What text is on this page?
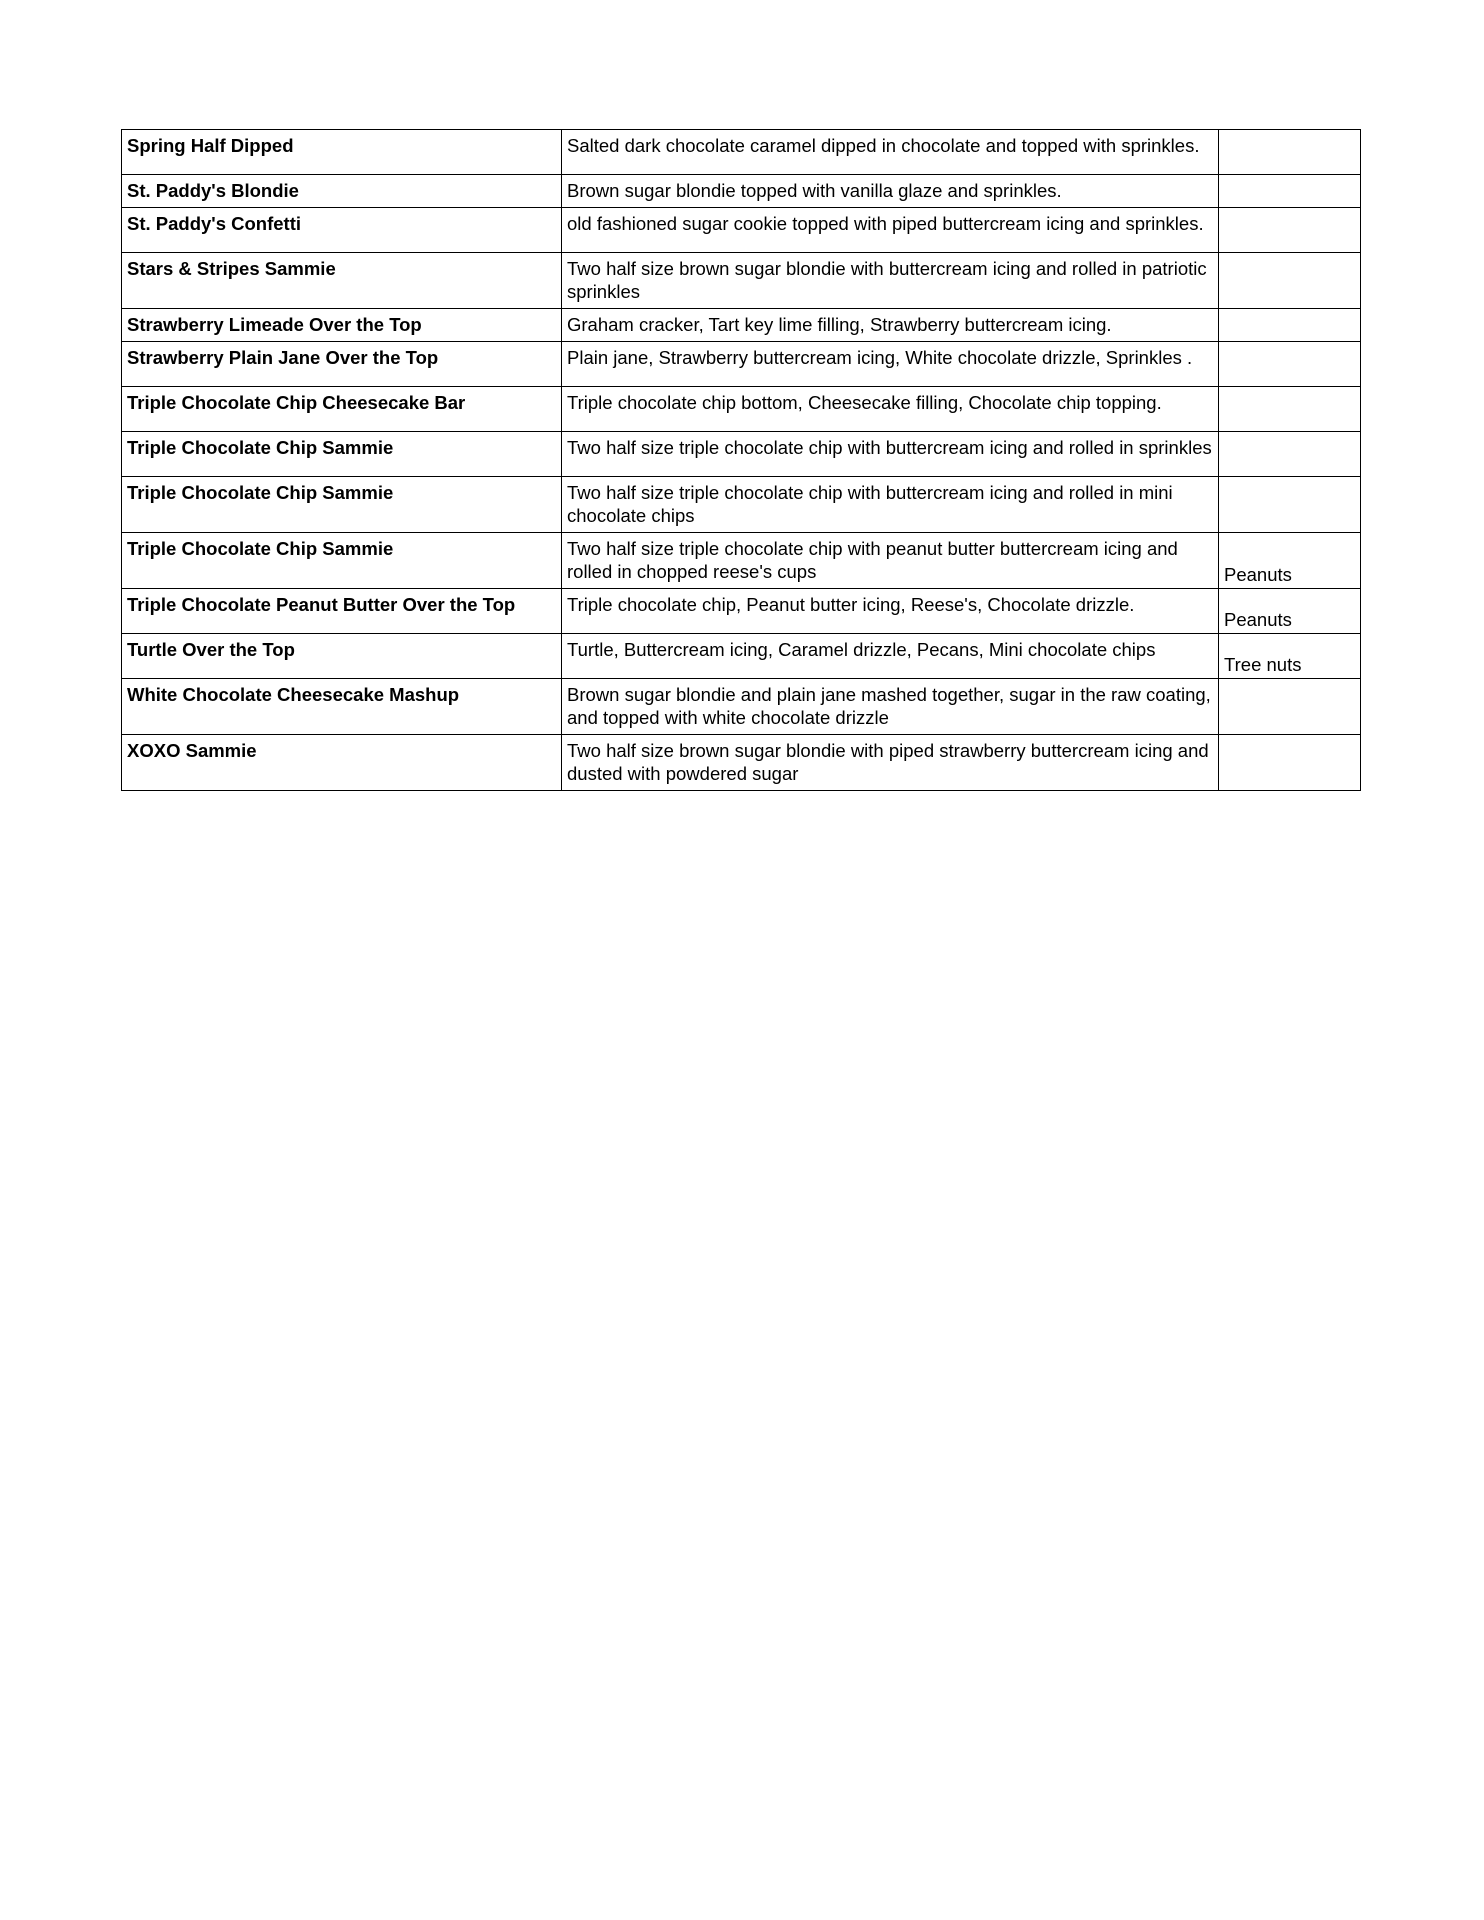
Spring Half Dipped	Salted dark chocolate caramel dipped in chocolate and topped with sprinkles.	
St. Paddy's Blondie	Brown sugar blondie topped with vanilla glaze and sprinkles.	
St. Paddy's Confetti	old fashioned sugar cookie topped with piped buttercream icing and sprinkles.	
Stars & Stripes Sammie	Two half size brown sugar blondie with buttercream icing and rolled in patriotic sprinkles	
Strawberry Limeade Over the Top	Graham cracker, Tart key lime filling, Strawberry buttercream icing.	
Strawberry Plain Jane Over the Top	Plain jane, Strawberry buttercream icing, White chocolate drizzle, Sprinkles .	
Triple Chocolate Chip Cheesecake Bar	Triple chocolate chip bottom, Cheesecake filling, Chocolate chip topping.	
Triple Chocolate Chip Sammie	Two half size triple chocolate chip with buttercream icing and rolled in sprinkles	
Triple Chocolate Chip Sammie	Two half size triple chocolate chip with buttercream icing and rolled in mini chocolate chips	
Triple Chocolate Chip Sammie	Two half size triple chocolate chip with peanut butter buttercream icing and rolled in chopped reese's cups	Peanuts
Triple Chocolate Peanut Butter Over the Top	Triple chocolate chip, Peanut butter icing, Reese's, Chocolate drizzle.	Peanuts
Turtle Over the Top	Turtle, Buttercream icing, Caramel drizzle, Pecans, Mini chocolate chips	Tree nuts
White Chocolate Cheesecake Mashup	Brown sugar blondie and plain jane mashed together, sugar in the raw coating, and topped with white chocolate drizzle	
XOXO Sammie	Two half size brown sugar blondie with piped strawberry buttercream icing and dusted with powdered sugar	
